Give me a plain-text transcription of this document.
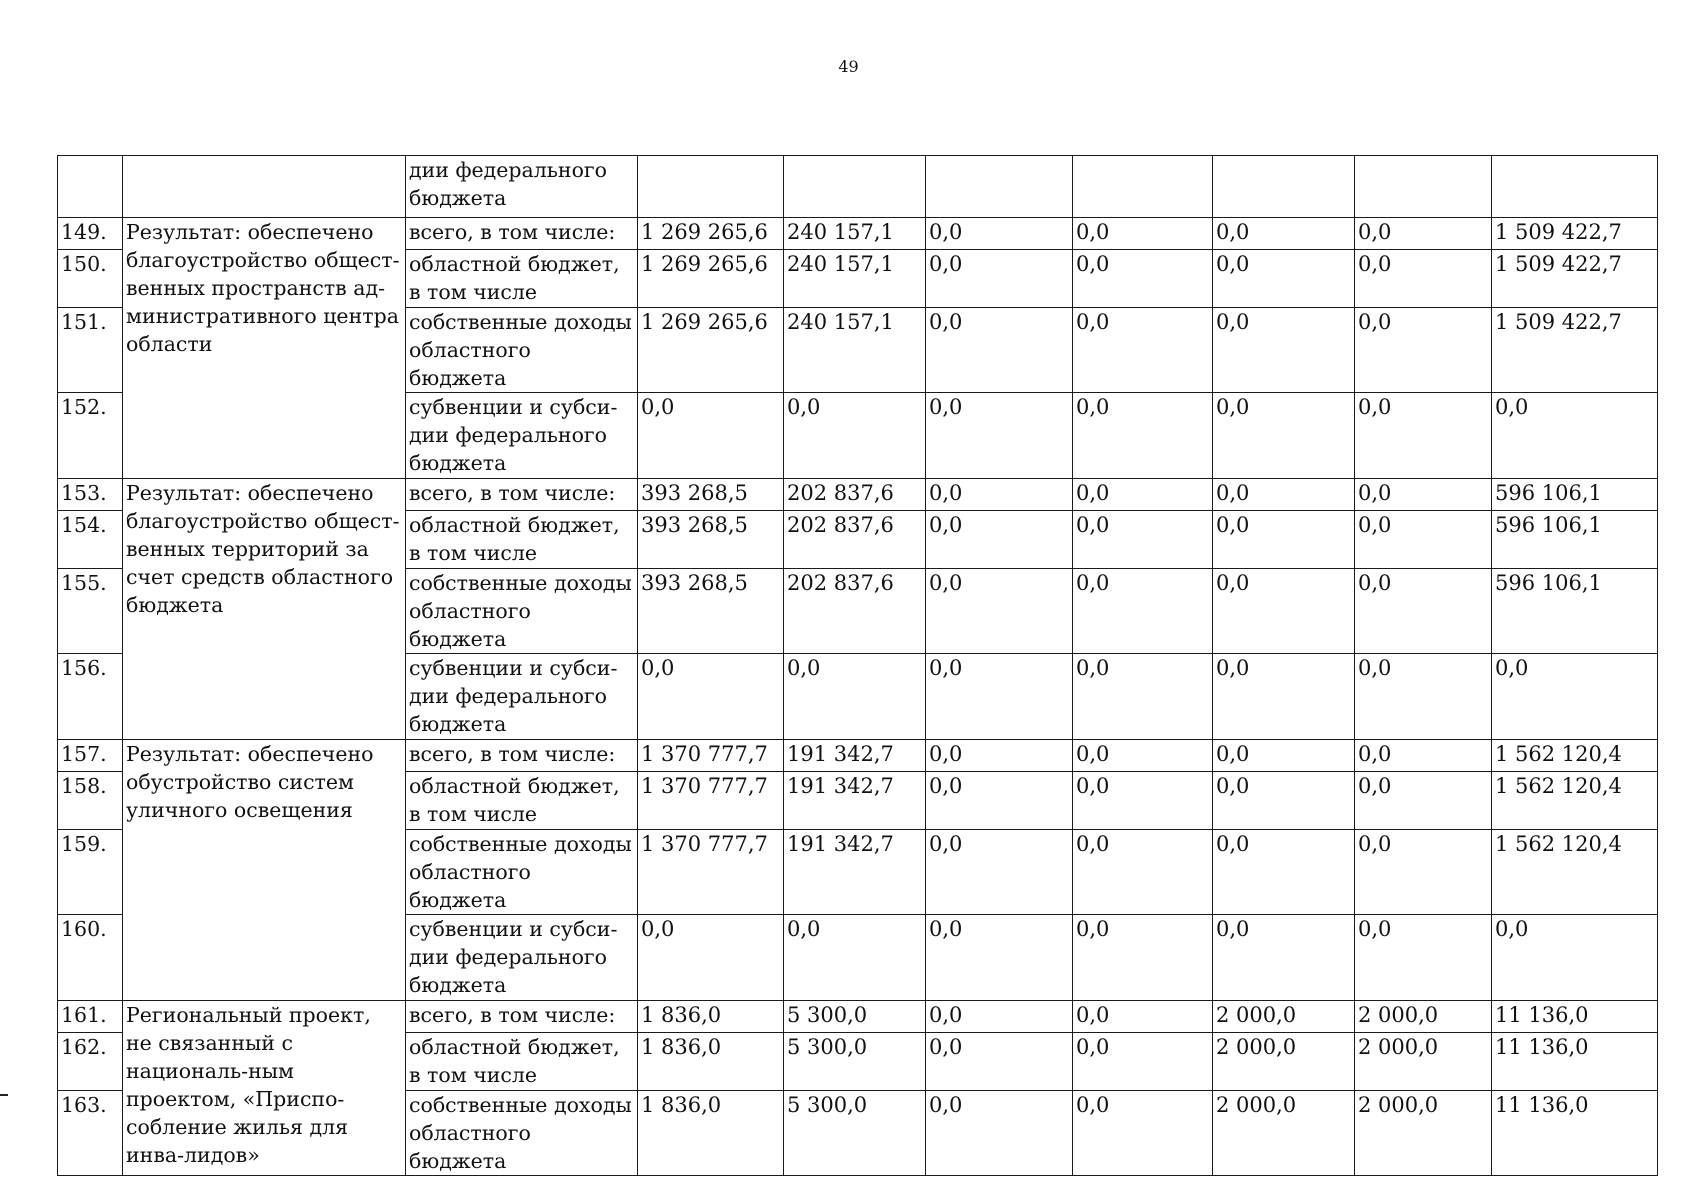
49
		дии федерального бюджета							
149.	Результат: обеспечено благоустройство общест-венных пространств ад-министративного центра области	всего, в том числе:	1 269 265,6	240 157,1	0,0	0,0	0,0	0,0	1 509 422,7
150.		областной бюджет, в том числе	1 269 265,6	240 157,1	0,0	0,0	0,0	0,0	1 509 422,7
151.		собственные доходы областного бюджета	1 269 265,6	240 157,1	0,0	0,0	0,0	0,0	1 509 422,7
152.		субвенции и субси-дии федерального бюджета	0,0	0,0	0,0	0,0	0,0	0,0	0,0
153.	Результат: обеспечено благоустройство общест-венных территорий за счет средств областного бюджета	всего, в том числе:	393 268,5	202 837,6	0,0	0,0	0,0	0,0	596 106,1
154.		областной бюджет, в том числе	393 268,5	202 837,6	0,0	0,0	0,0	0,0	596 106,1
155.		собственные доходы областного бюджета	393 268,5	202 837,6	0,0	0,0	0,0	0,0	596 106,1
156.		субвенции и субси-дии федерального бюджета	0,0	0,0	0,0	0,0	0,0	0,0	0,0
157.	Результат: обеспечено обустройство систем уличного освещения	всего, в том числе:	1 370 777,7	191 342,7	0,0	0,0	0,0	0,0	1 562 120,4
158.		областной бюджет, в том числе	1 370 777,7	191 342,7	0,0	0,0	0,0	0,0	1 562 120,4
159.		собственные доходы областного бюджета	1 370 777,7	191 342,7	0,0	0,0	0,0	0,0	1 562 120,4
160.		субвенции и субси-дии федерального бюджета	0,0	0,0	0,0	0,0	0,0	0,0	0,0
161.	Региональный проект, не связанный с националь-ным проектом, «Приспо-собление жилья для инва-лидов»	всего, в том числе:	1 836,0	5 300,0	0,0	0,0	2 000,0	2 000,0	11 136,0
162.		областной бюджет, в том числе	1 836,0	5 300,0	0,0	0,0	2 000,0	2 000,0	11 136,0
163.		собственные доходы областного бюджета	1 836,0	5 300,0	0,0	0,0	2 000,0	2 000,0	11 136,0
